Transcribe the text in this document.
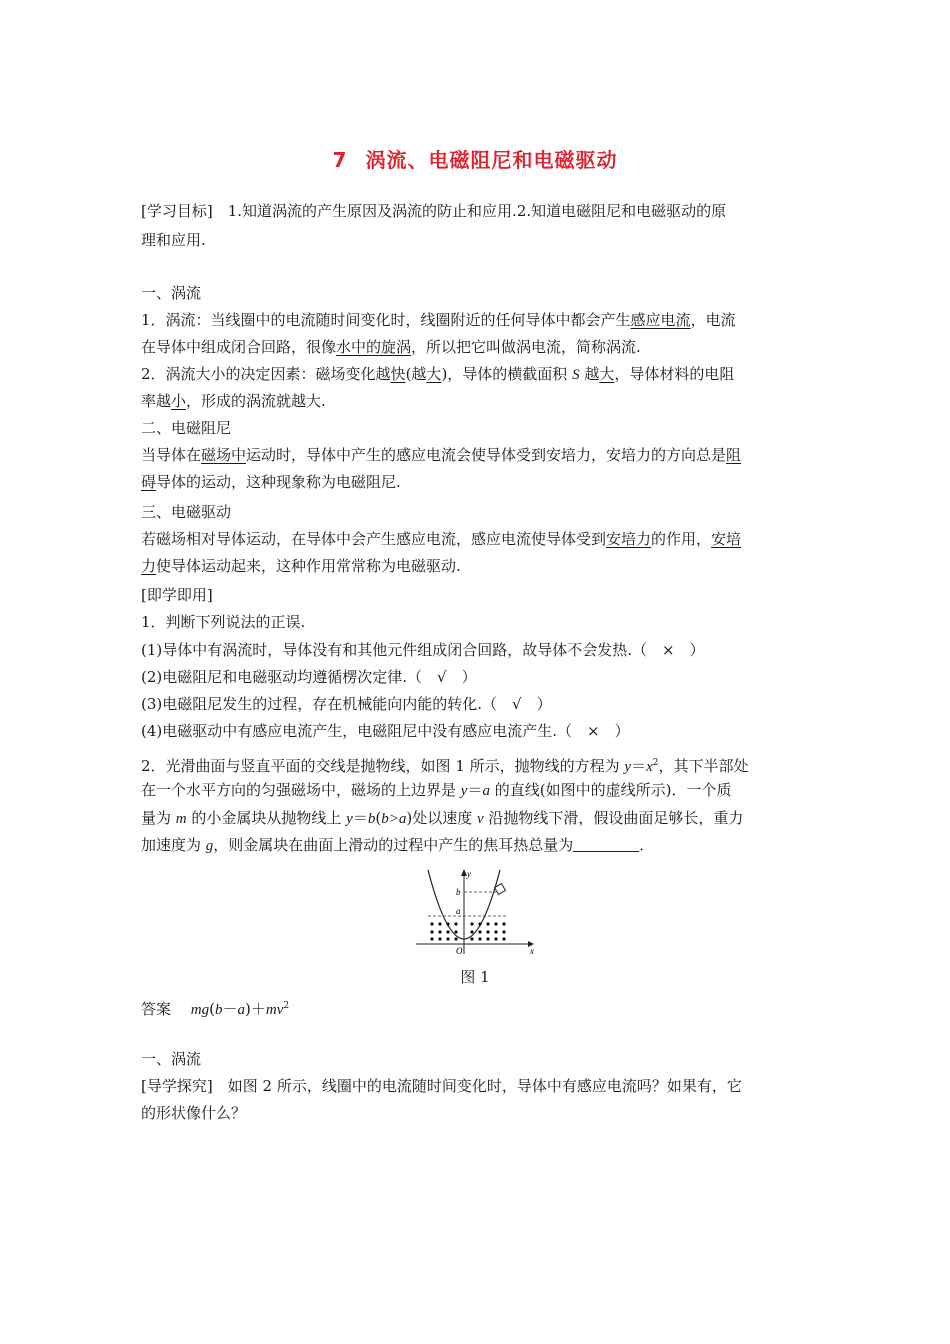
7 涡流、电磁阻尼和电磁驱动
[学习目标]　 1.知道涡流的产生原因及涡流的防止和应用.2.知道电磁阻尼和电磁驱动的原
理和应用.
一、涡流
1．涡流：当线圈中的电流随时间变化时，线圈附近的任何导体中都会产生感应电流，电流
在导体中组成闭合回路，很像水中的旋涡，所以把它叫做涡电流，简称涡流.
2．涡流大小的决定因素：磁场变化越快(越大)，导体的横截面积 S 越大，导体材料的电阻
率越小，形成的涡流就越大.
二、电磁阻尼
当导体在磁场中运动时，导体中产生的感应电流会使导体受到安培力，安培力的方向总是阻
碍导体的运动，这种现象称为电磁阻尼.
三、电磁驱动
若磁场相对导体运动，在导体中会产生感应电流，感应电流使导体受到安培力的作用，安培
力使导体运动起来，这种作用常常称为电磁驱动.
[即学即用]
1．判断下列说法的正误.
(1)导体中有涡流时，导体没有和其他元件组成闭合回路，故导体不会发热.（　×　）
(2)电磁阻尼和电磁驱动均遵循楞次定律.（　√　）
(3)电磁阻尼发生的过程，存在机械能向内能的转化.（　√　）
(4)电磁驱动中有感应电流产生，电磁阻尼中没有感应电流产生.（　×　）
2．光滑曲面与竖直平面的交线是抛物线，如图 1 所示，抛物线的方程为 $y=x^2$，其下半部处
在一个水平方向的匀强磁场中，磁场的上边界是 y＝a 的直线(如图中的虚线所示)．一个质
量为 m 的小金属块从抛物线上 y＝b(b>a)处以速度 v 沿抛物线下滑，假设曲面足够长，重力
加速度为 g，则金属块在曲面上滑动的过程中产生的焦耳热总量为	．
答案　 $mg(b-a)+mv^2$
一、涡流
[导学探究]　 如图 2 所示，线圈中的电流随时间变化时，导体中有感应电流吗？如果有，它
的形状像什么？
y
x
O
a
b
图 1
